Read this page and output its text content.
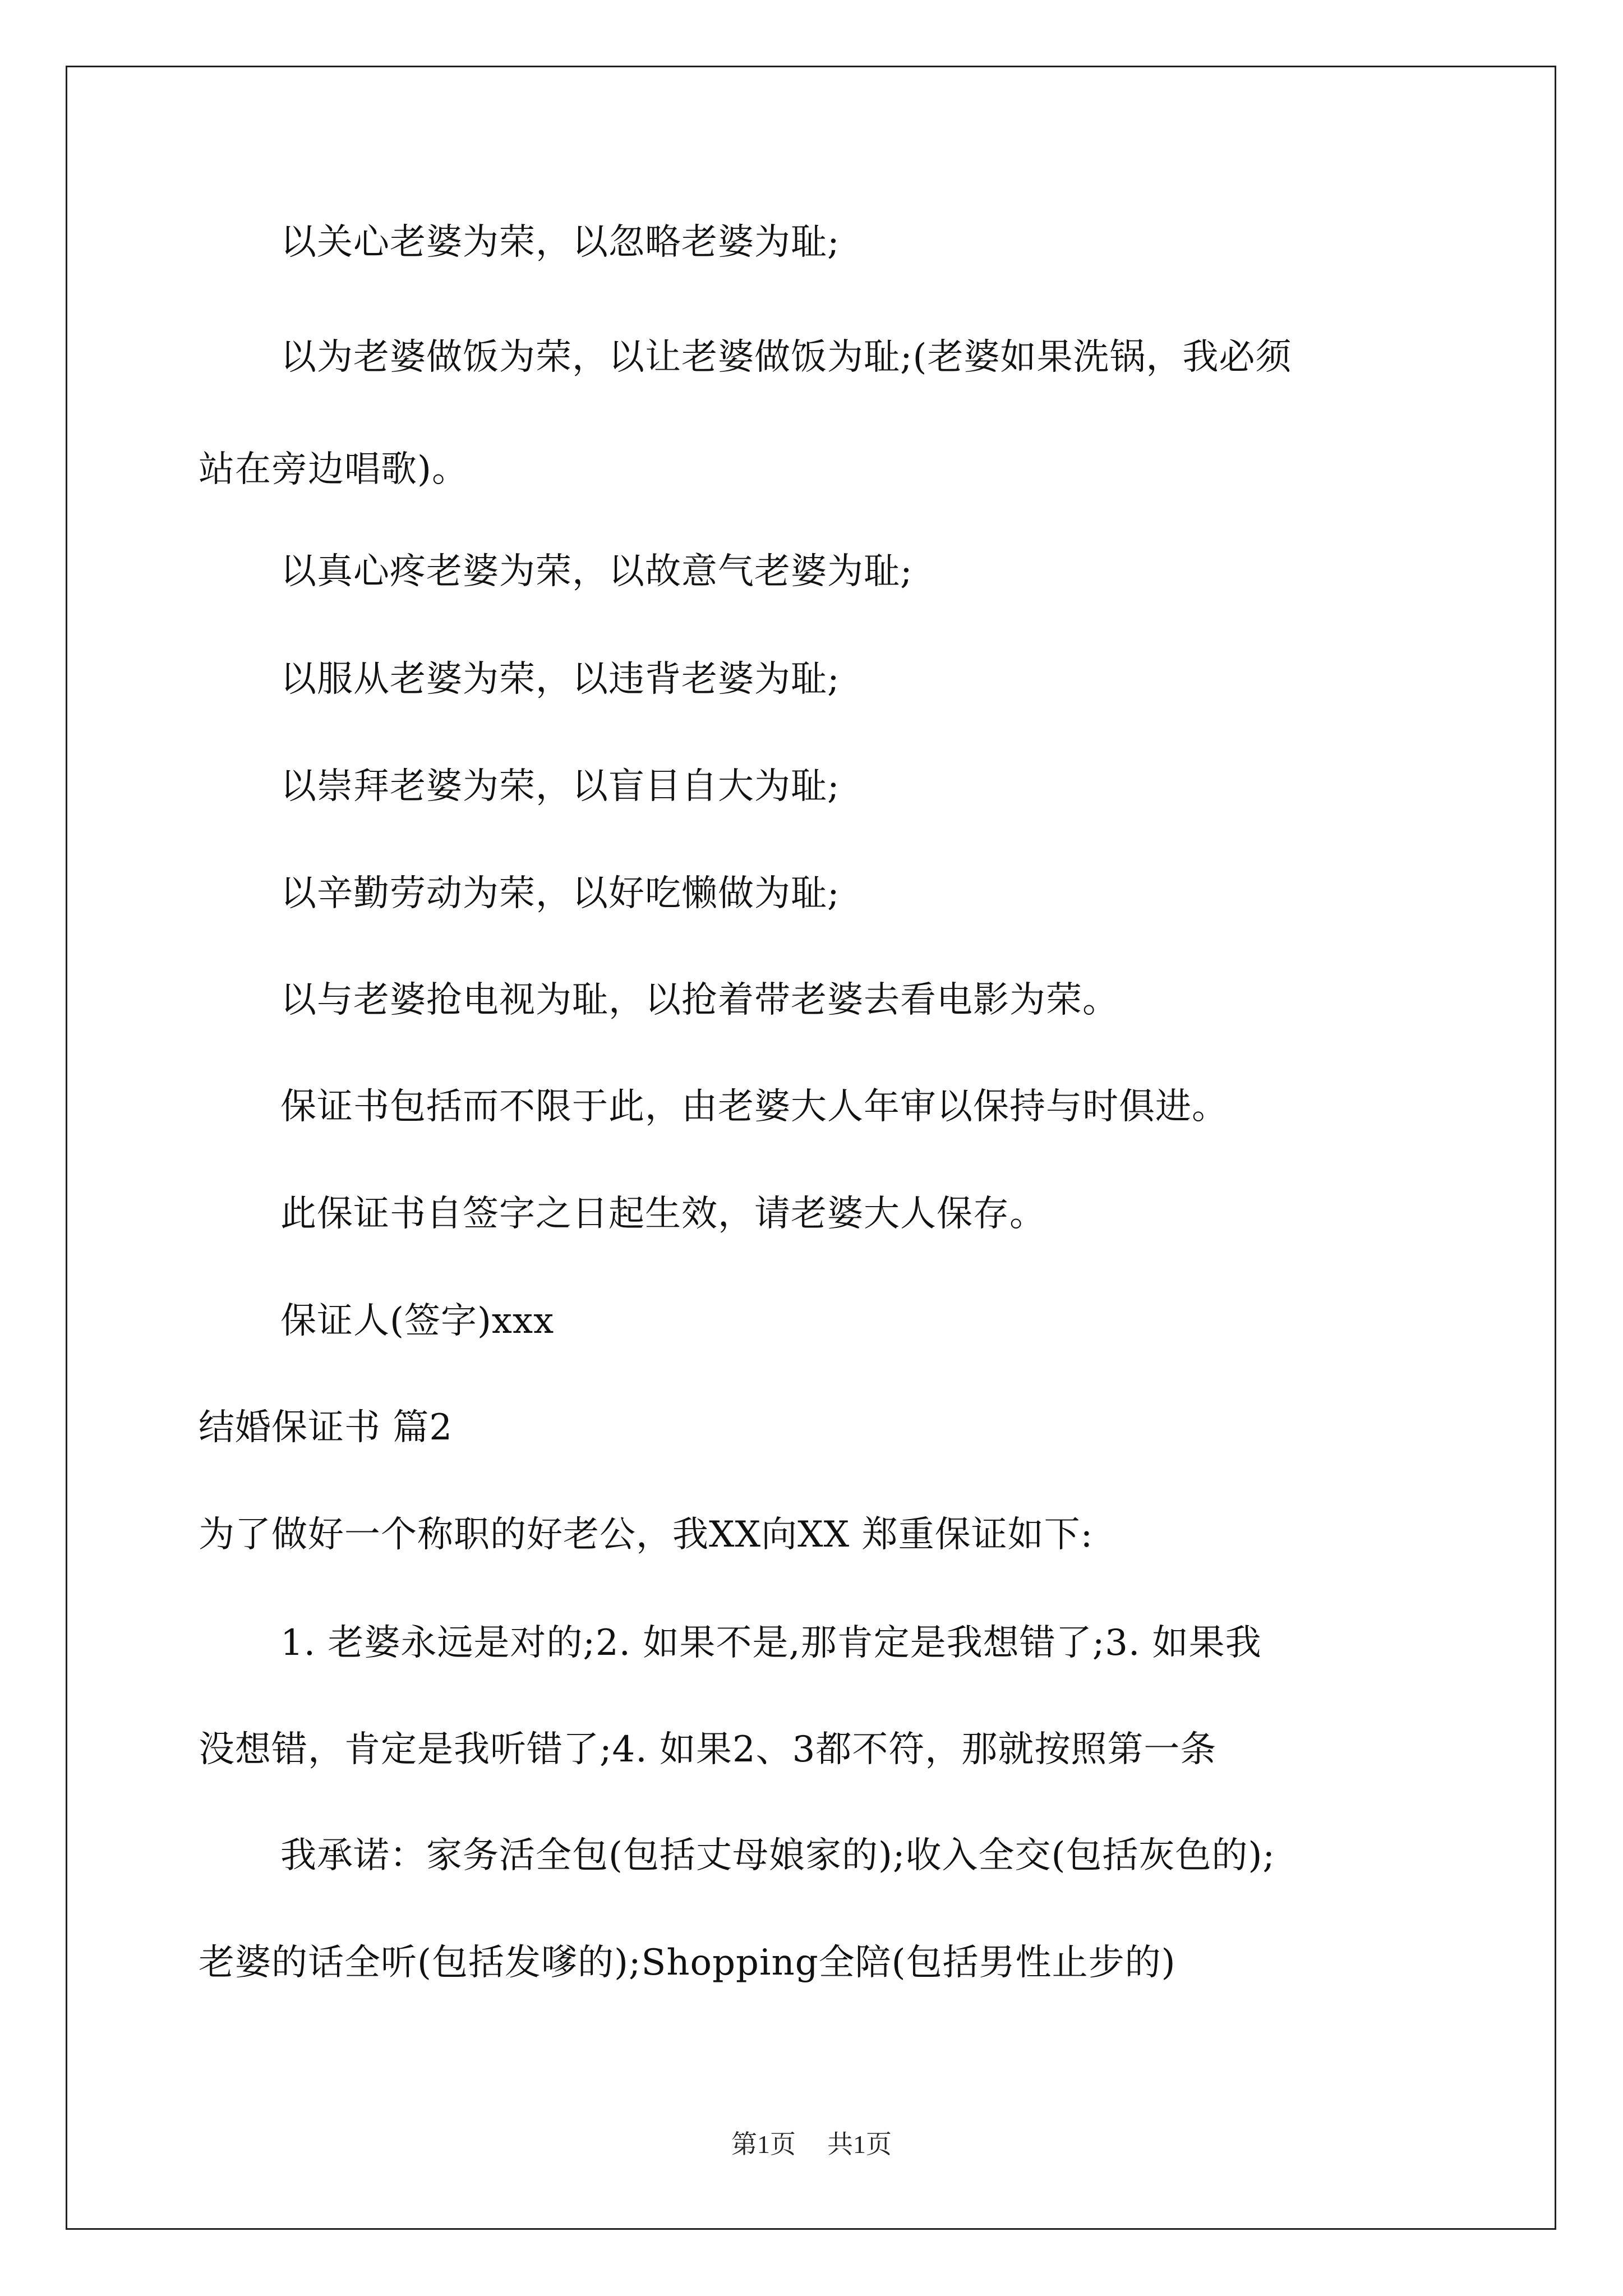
以关心老婆为荣，以忽略老婆为耻;
以为老婆做饭为荣，以让老婆做饭为耻;(老婆如果洗锅，我必须
站在旁边唱歌)。
以真心疼老婆为荣，以故意气老婆为耻;
以服从老婆为荣，以违背老婆为耻;
以崇拜老婆为荣，以盲目自大为耻;
以辛勤劳动为荣，以好吃懒做为耻;
以与老婆抢电视为耻，以抢着带老婆去看电影为荣。
保证书包括而不限于此，由老婆大人年审以保持与时俱进。
此保证书自签字之日起生效，请老婆大人保存。
保证人(签字)xxx
结婚保证书 篇2
为了做好一个称职的好老公，我XX向XX 郑重保证如下:
1. 老婆永远是对的;2. 如果不是,那肯定是我想错了;3. 如果我
没想错，肯定是我听错了;4. 如果2、3都不符，那就按照第一条
我承诺：家务活全包(包括丈母娘家的);收入全交(包括灰色的);
老婆的话全听(包括发嗲的);Shopping全陪(包括男性止步的)
第1页 共1页
